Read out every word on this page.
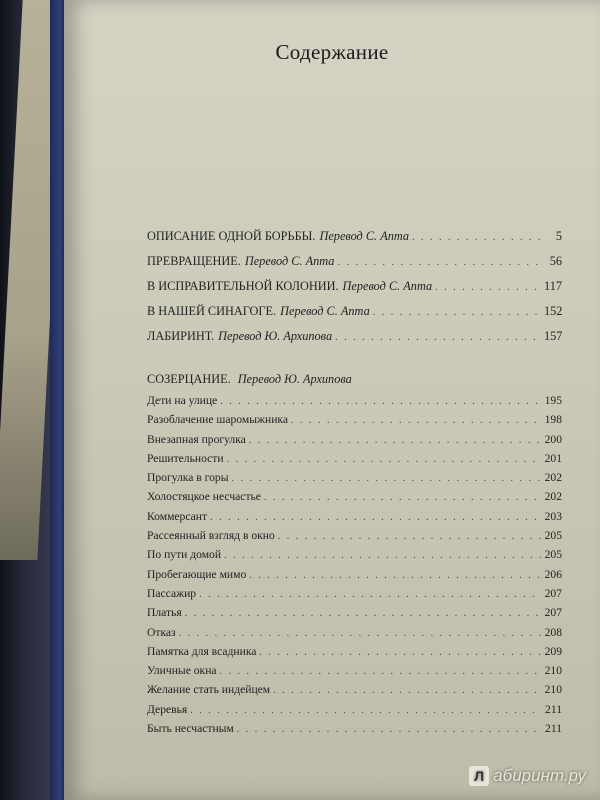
Содержание
ОПИСАНИЕ ОДНОЙ БОРЬБЫ. Перевод С. Апта . . .	5
ПРЕВРАЩЕНИЕ. Перевод С. Апта . . .	56
В ИСПРАВИТЕЛЬНОЙ КОЛОНИИ. Перевод С. Апта . . .	117
В НАШЕЙ СИНАГОГЕ. Перевод С. Апта . . .	152
ЛАБИРИНТ. Перевод Ю. Архипова . . .	157
СОЗЕРЦАНИЕ. Перевод Ю. Архипова
Дети на улице . . .	195
Разоблачение шаромыжника . . .	198
Внезапная прогулка . . .	200
Решительности . . .	201
Прогулка в горы . . .	202
Холостяцкое несчастье . . .	202
Коммерсант . . .	203
Рассеянный взгляд в окно . . .	205
По пути домой . . .	205
Пробегающие мимо . . .	206
Пассажир . . .	207
Платья . . .	207
Отказ . . .	208
Памятка для всадника . . .	209
Уличные окна . . .	210
Желание стать индейцем . . .	210
Деревья . . .	211
Быть несчастным . . .	211
Л абиринт.ру
